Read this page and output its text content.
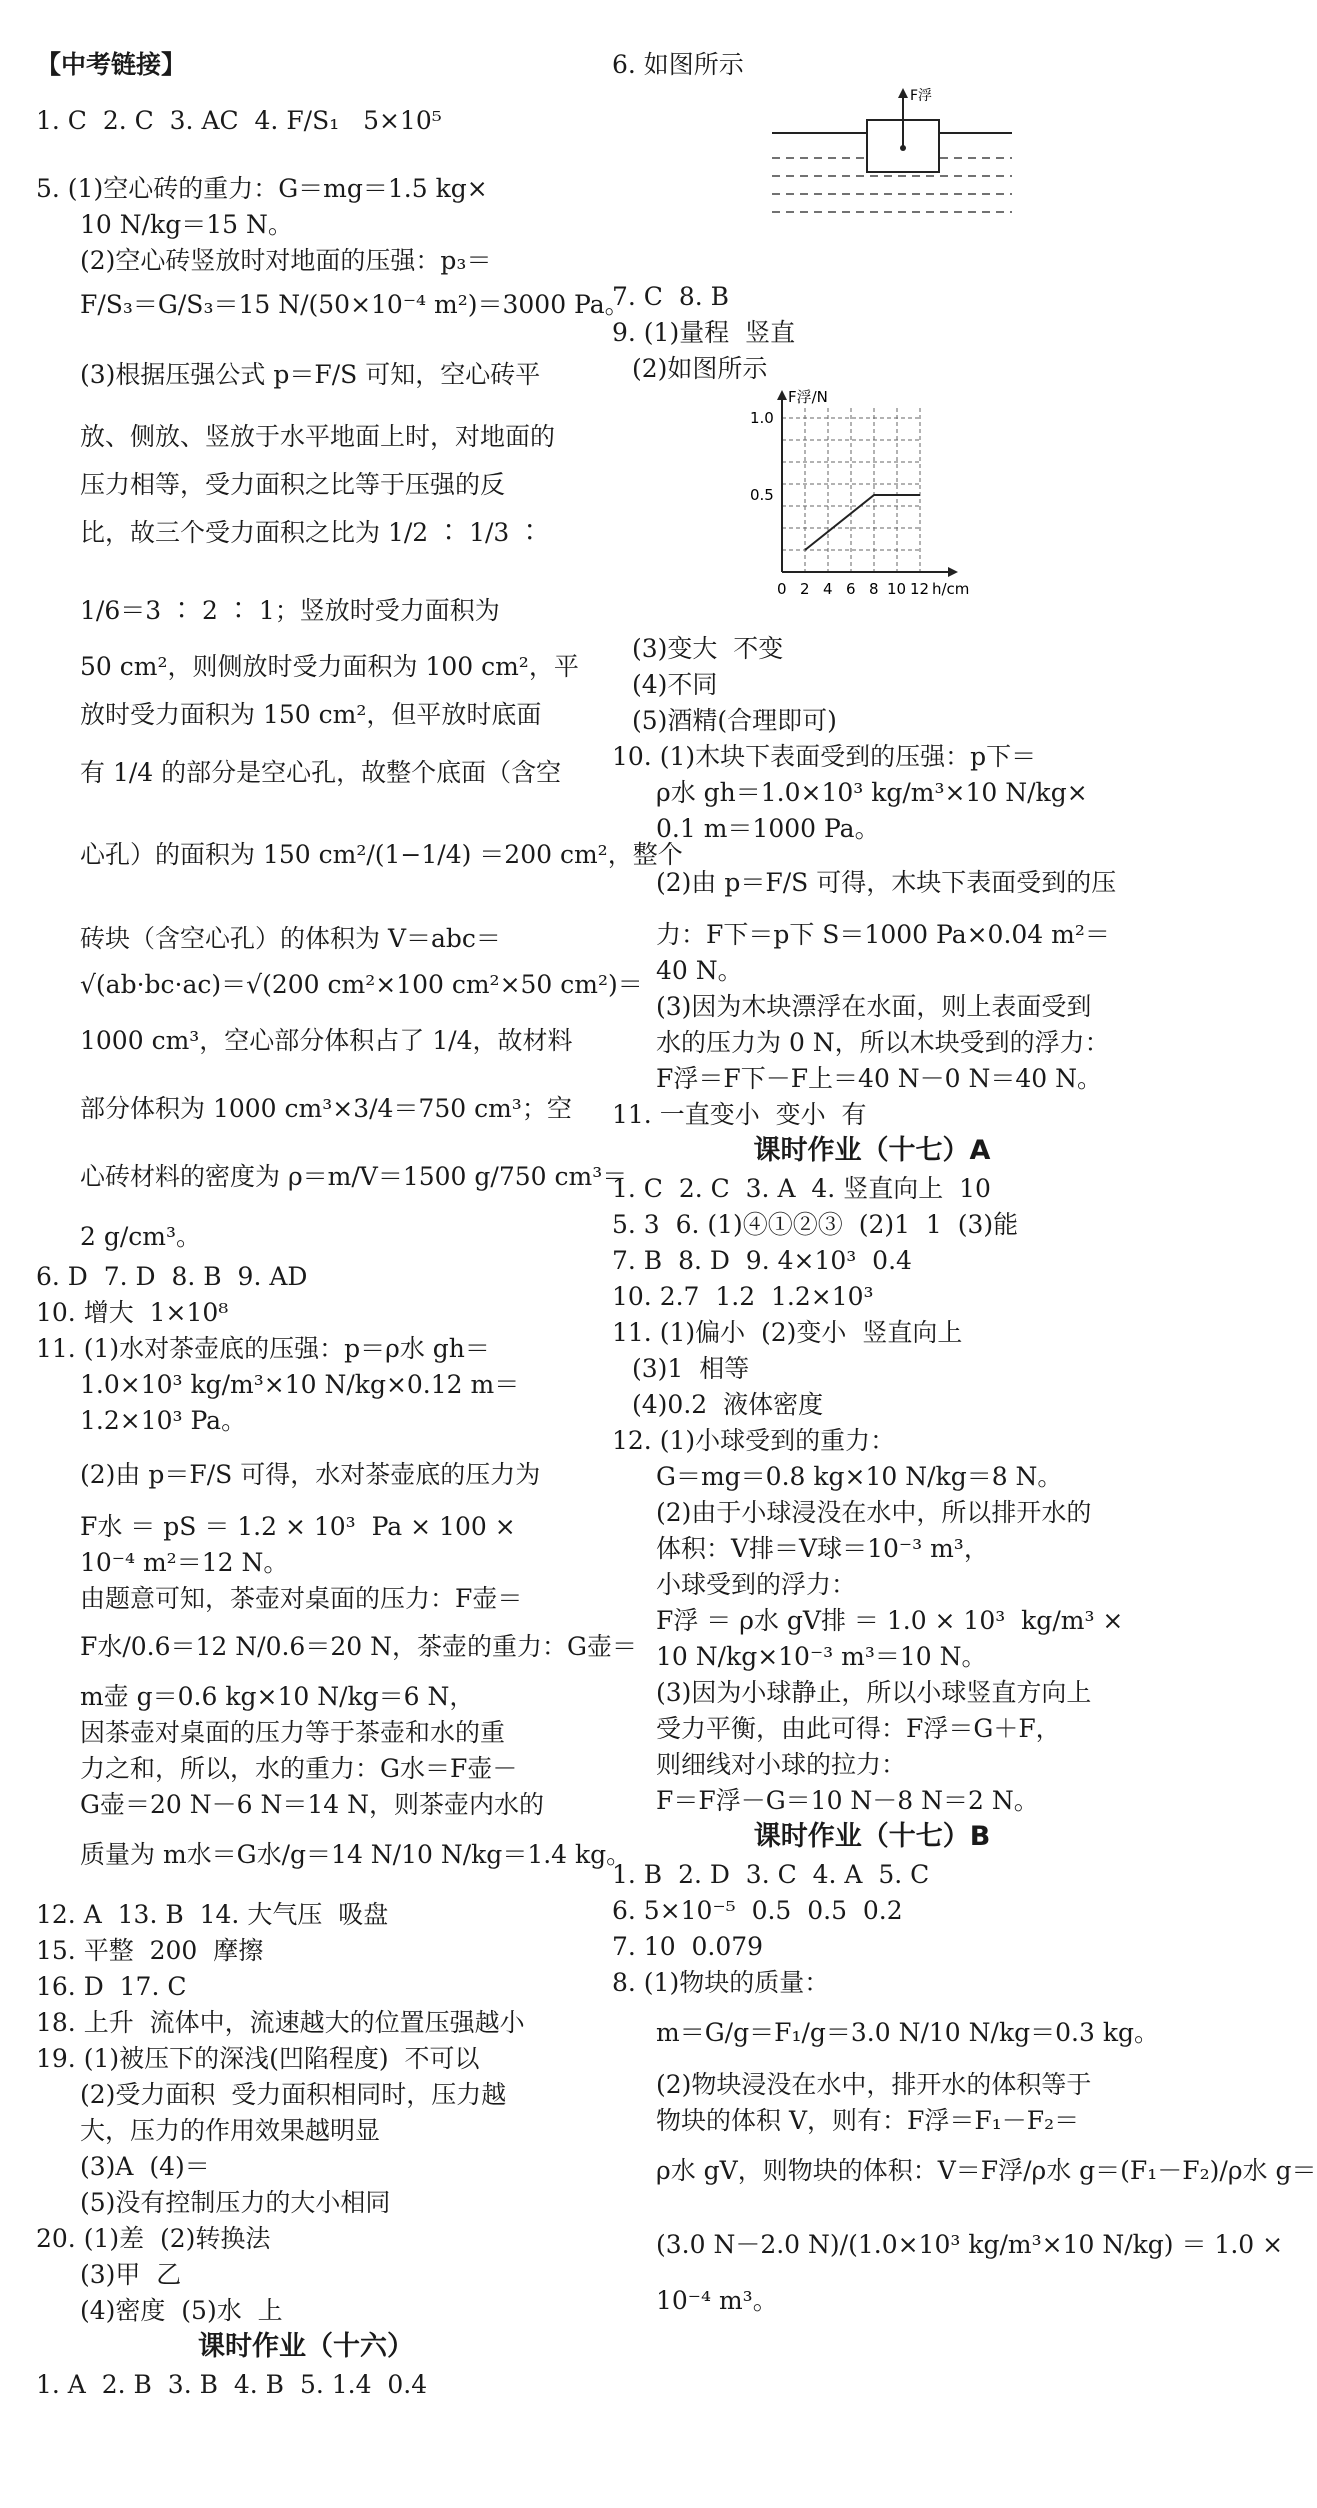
【中考链接】
1. C  2. C  3. AC  4. F/S₁   5×10⁵
5. (1)空心砖的重力：G＝mg＝1.5 kg×
10 N/kg＝15 N。
(2)空心砖竖放时对地面的压强：p₃＝
F/S₃＝G/S₃＝15 N/(50×10⁻⁴ m²)＝3000 Pa。
(3)根据压强公式 p＝F/S 可知，空心砖平
放、侧放、竖放于水平地面上时，对地面的
压力相等，受力面积之比等于压强的反
比，故三个受力面积之比为 1/2 ∶ 1/3 ∶
1/6＝3 ∶ 2 ∶ 1；竖放时受力面积为
50 cm²，则侧放时受力面积为 100 cm²，平
放时受力面积为 150 cm²，但平放时底面
有 1/4 的部分是空心孔，故整个底面（含空
心孔）的面积为 150 cm²/(1−1/4) ＝200 cm²，整个
砖块（含空心孔）的体积为 V＝abc＝
√(ab·bc·ac)＝√(200 cm²×100 cm²×50 cm²)＝
1000 cm³，空心部分体积占了 1/4，故材料
部分体积为 1000 cm³×3/4＝750 cm³；空
心砖材料的密度为 ρ＝m/V＝1500 g/750 cm³＝
2 g/cm³。
6. D  7. D  8. B  9. AD
10. 增大  1×10⁸
11. (1)水对茶壶底的压强：p＝ρ水 gh＝
1.0×10³ kg/m³×10 N/kg×0.12 m＝
1.2×10³ Pa。
(2)由 p＝F/S 可得，水对茶壶底的压力为
F水 ＝ pS ＝ 1.2 × 10³  Pa × 100 ×
10⁻⁴ m²＝12 N。
由题意可知，茶壶对桌面的压力：F壶＝
F水/0.6＝12 N/0.6＝20 N，茶壶的重力：G壶＝
m壶 g＝0.6 kg×10 N/kg＝6 N，
因茶壶对桌面的压力等于茶壶和水的重
力之和，所以，水的重力：G水＝F壶－
G壶＝20 N－6 N＝14 N，则茶壶内水的
质量为 m水＝G水/g＝14 N/10 N/kg＝1.4 kg。
12. A  13. B  14. 大气压  吸盘
15. 平整  200  摩擦
16. D  17. C
18. 上升  流体中，流速越大的位置压强越小
19. (1)被压下的深浅(凹陷程度)  不可以
(2)受力面积  受力面积相同时，压力越
大，压力的作用效果越明显
(3)A  (4)＝
(5)没有控制压力的大小相同
20. (1)差  (2)转换法
(3)甲  乙
(4)密度  (5)水  上
课时作业（十六）
1. A  2. B  3. B  4. B  5. 1.4  0.4
F浮
F浮/N
h/cm
1.0
0.5
0 2 4 6 8 10 12
6. 如图所示
7. C  8. B
9. (1)量程  竖直
(2)如图所示
(3)变大  不变
(4)不同
(5)酒精(合理即可)
10. (1)木块下表面受到的压强：p下＝
ρ水 gh＝1.0×10³ kg/m³×10 N/kg×
0.1 m＝1000 Pa。
(2)由 p＝F/S 可得，木块下表面受到的压
力：F下＝p下 S＝1000 Pa×0.04 m²＝
40 N。
(3)因为木块漂浮在水面，则上表面受到
水的压力为 0 N，所以木块受到的浮力：
F浮＝F下－F上＝40 N－0 N＝40 N。
11. 一直变小  变小  有
课时作业（十七）A
1. C  2. C  3. A  4. 竖直向上  10
5. 3  6. (1)④①②③  (2)1  1  (3)能
7. B  8. D  9. 4×10³  0.4
10. 2.7  1.2  1.2×10³
11. (1)偏小  (2)变小  竖直向上
(3)1  相等
(4)0.2  液体密度
12. (1)小球受到的重力：
G＝mg＝0.8 kg×10 N/kg＝8 N。
(2)由于小球浸没在水中，所以排开水的
体积：V排＝V球＝10⁻³ m³，
小球受到的浮力：
F浮 ＝ ρ水 gV排 ＝ 1.0 × 10³  kg/m³ ×
10 N/kg×10⁻³ m³＝10 N。
(3)因为小球静止，所以小球竖直方向上
受力平衡，由此可得：F浮＝G＋F，
则细线对小球的拉力：
F＝F浮－G＝10 N－8 N＝2 N。
课时作业（十七）B
1. B  2. D  3. C  4. A  5. C
6. 5×10⁻⁵  0.5  0.5  0.2
7. 10  0.079
8. (1)物块的质量：
m＝G/g＝F₁/g＝3.0 N/10 N/kg＝0.3 kg。
(2)物块浸没在水中，排开水的体积等于
物块的体积 V，则有：F浮＝F₁－F₂＝
ρ水 gV，则物块的体积：V＝F浮/ρ水 g＝(F₁－F₂)/ρ水 g＝
(3.0 N－2.0 N)/(1.0×10³ kg/m³×10 N/kg) ＝ 1.0 ×
10⁻⁴ m³。
